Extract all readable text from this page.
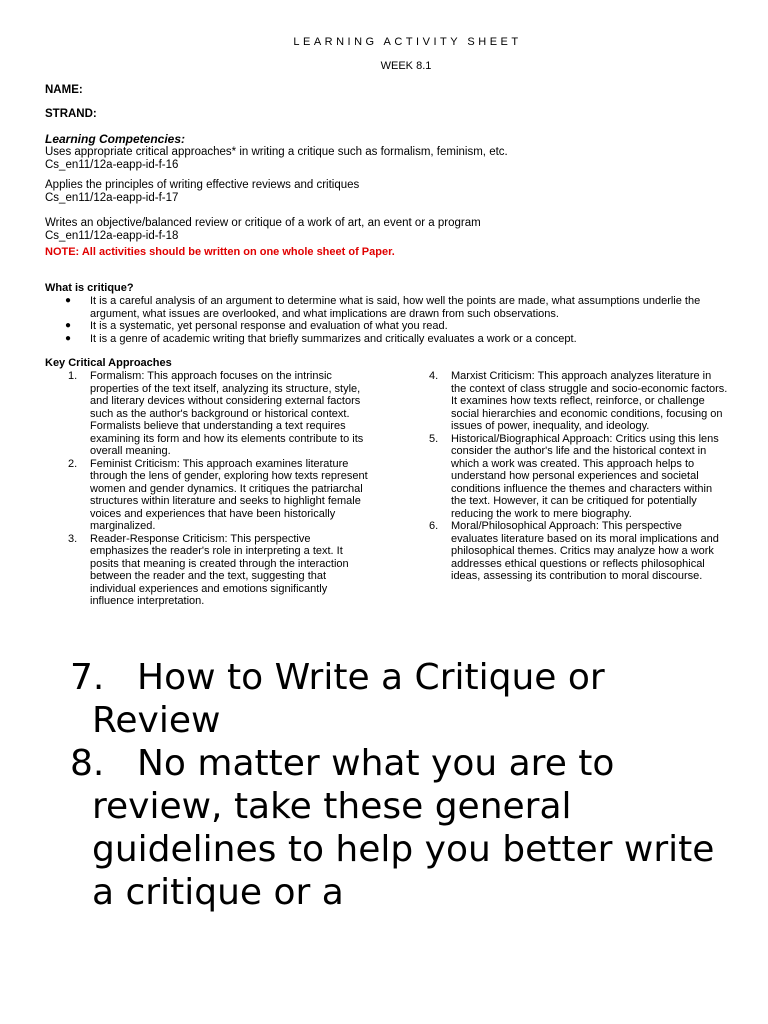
LEARNING ACTIVITY SHEET
WEEK 8.1
NAME:
STRAND:
Learning Competencies:
Uses appropriate critical approaches* in writing a critique such as formalism, feminism, etc.
Cs_en11/12a-eapp-id-f-16
Applies the principles of writing effective reviews and critiques
Cs_en11/12a-eapp-id-f-17
Writes an objective/balanced review or critique of a work of art, an event or a program
Cs_en11/12a-eapp-id-f-18
NOTE: All activities should be written on one whole sheet of Paper.
What is critique?
● It is a careful analysis of an argument to determine what is said, how well the points are made, what assumptions underlie the argument, what issues are overlooked, and what implications are drawn from such observations.
● It is a systematic, yet personal response and evaluation of what you read.
● It is a genre of academic writing that briefly summarizes and critically evaluates a work or a concept.
Key Critical Approaches
1. Formalism: This approach focuses on the intrinsic properties of the text itself, analyzing its structure, style, and literary devices without considering external factors such as the author's background or historical context. Formalists believe that understanding a text requires examining its form and how its elements contribute to its overall meaning.
2. Feminist Criticism: This approach examines literature through the lens of gender, exploring how texts represent women and gender dynamics. It critiques the patriarchal structures within literature and seeks to highlight female voices and experiences that have been historically marginalized.
3. Reader-Response Criticism: This perspective emphasizes the reader's role in interpreting a text. It posits that meaning is created through the interaction between the reader and the text, suggesting that individual experiences and emotions significantly influence interpretation.
4. Marxist Criticism: This approach analyzes literature in the context of class struggle and socio-economic factors. It examines how texts reflect, reinforce, or challenge social hierarchies and economic conditions, focusing on issues of power, inequality, and ideology.
5. Historical/Biographical Approach: Critics using this lens consider the author's life and the historical context in which a work was created. This approach helps to understand how personal experiences and societal conditions influence the themes and characters within the text. However, it can be critiqued for potentially reducing the work to mere biography.
6. Moral/Philosophical Approach: This perspective evaluates literature based on its moral implications and philosophical themes. Critics may analyze how a work addresses ethical questions or reflects philosophical ideas, assessing its contribution to moral discourse.
7. How to Write a Critique or Review
8. No matter what you are to review, take these general guidelines to help you better write a critique or a
